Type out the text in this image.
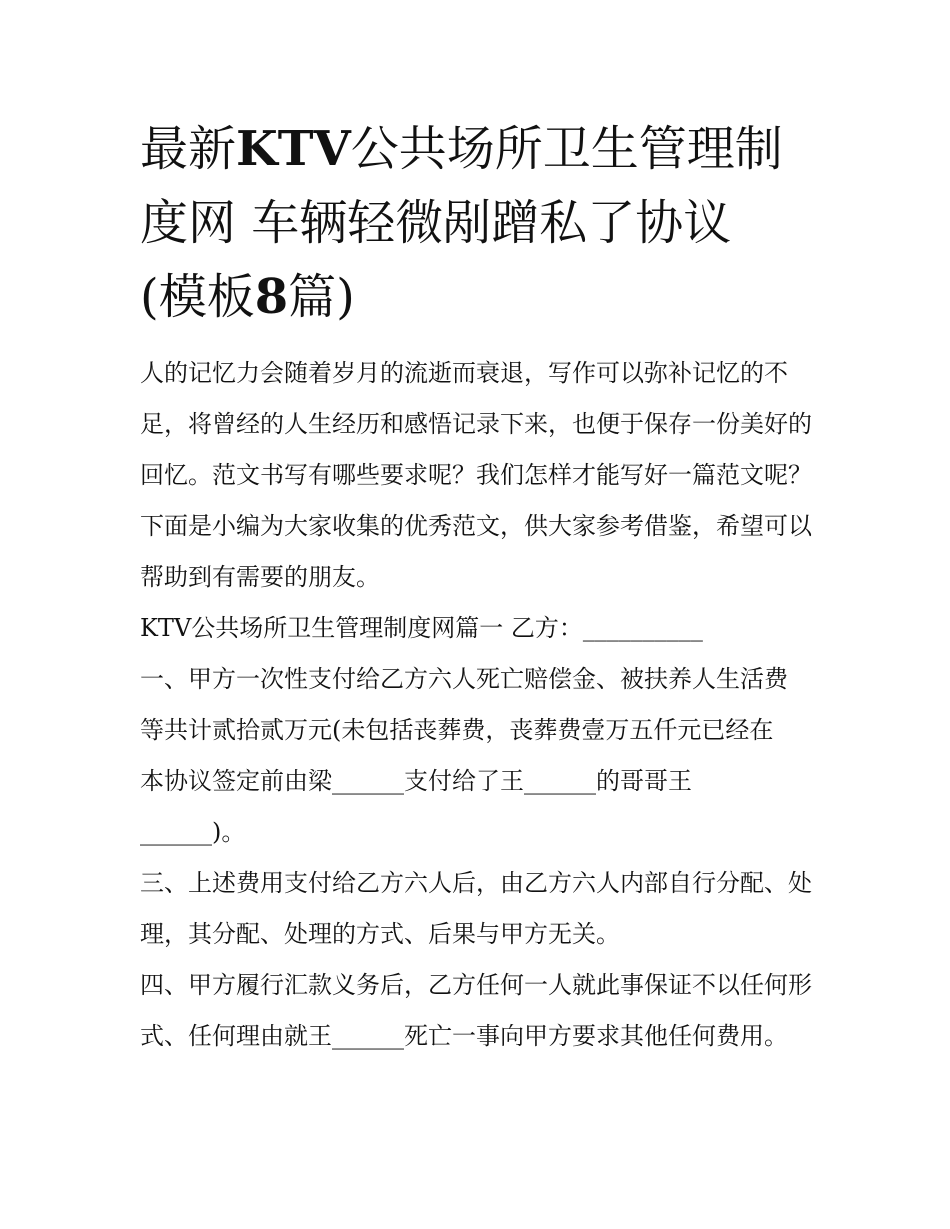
最新KTV公共场所卫生管理制
度网 车辆轻微剐蹭私了协议
(模板8篇)

人的记忆力会随着岁月的流逝而衰退，写作可以弥补记忆的不足，将曾经的人生经历和感悟记录下来，也便于保存一份美好的回忆。范文书写有哪些要求呢？我们怎样才能写好一篇范文呢？下面是小编为大家收集的优秀范文，供大家参考借鉴，希望可以帮助到有需要的朋友。

KTV公共场所卫生管理制度网篇一 乙方：__________

一、甲方一次性支付给乙方六人死亡赔偿金、被扶养人生活费

等共计贰拾贰万元(未包括丧葬费，丧葬费壹万五仟元已经在

本协议签定前由梁______支付给了王______的哥哥王

______)。

三、上述费用支付给乙方六人后，由乙方六人内部自行分配、处理，其分配、处理的方式、后果与甲方无关。

四、甲方履行汇款义务后，乙方任何一人就此事保证不以任何形式、任何理由就王______死亡一事向甲方要求其他任何费用。
